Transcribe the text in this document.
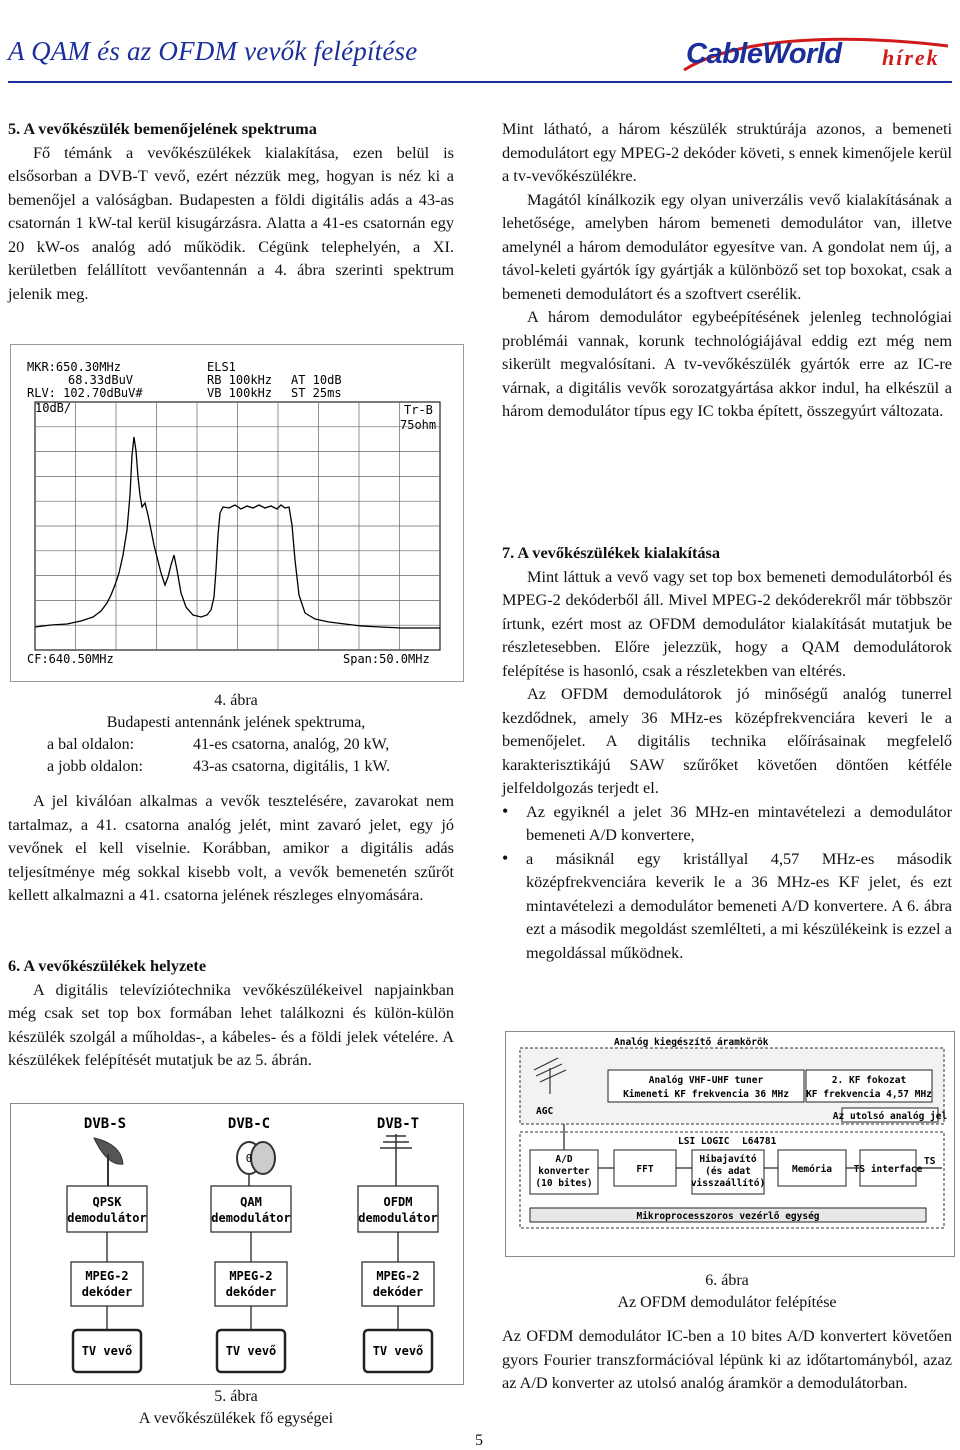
A QAM és az OFDM vevők felépítése	CableWorld hírek

5. A vevőkészülék bemenőjelének spektruma

Fő témánk a vevőkészülékek kialakítása, ezen belül is elsősorban a DVB-T vevő, ezért nézzük meg, hogyan is néz ki a bemenőjel a valóságban. Budapesten a földi digitális adás a 43-as csatornán 1 kW-tal kerül kisugárzásra. Alatta a 41-es csatornán egy 20 kW-os analóg adó működik. Cégünk telephelyén, a XI. kerületben felállított vevőantennán a 4. ábra szerinti spektrum jelenik meg.

MKR:650.30MHz
68.33dBuV
RLV: 102.70dBuV#
ELS1
RB 100kHz AT 10dB
VB 100kHz ST 25ms
10dB/	Tr-B
75ohm
CF:640.50MHz	Span:50.0MHz
4. ábra
Budapesti antennánk jelének spektruma,
a bal oldalon:	41-es csatorna, analóg, 20 kW,
a jobb oldalon:	43-as csatorna, digitális, 1 kW.

A jel kiválóan alkalmas a vevők tesztelésére, zavarokat nem tartalmaz, a 41. csatorna analóg jelét, mint zavaró jelet, egy jó vevőnek el kell viselnie. Korábban, amikor a digitális adás teljesítménye még sokkal kisebb volt, a vevők bemenetén szűrőt kellett alkalmazni a 41. csatorna jelének részleges elnyomására.

6. A vevőkészülékek helyzete

A digitális televíziótechnika vevőkészülékeivel napjainkban még csak set top box formában lehet találkozni és külön-külön készülék szolgál a műholdas-, a kábeles- és a földi jelek vételére. A készülékek felépítését mutatjuk be az 5. ábrán.

DVB-S	DVB-C	DVB-T
0
QPSK
demodulátor
QAM
demodulátor
OFDM
demodulátor
MPEG-2
dekóder
MPEG-2
dekóder
MPEG-2
dekóder
TV vevő	TV vevő	TV vevő
5. ábra
A vevőkészülékek fő egységei

Mint látható, a három készülék struktúrája azonos, a bemeneti demodulátort egy MPEG-2 dekóder követi, s ennek kimenőjele kerül a tv-vevőkészülékre.

Magától kínálkozik egy olyan univerzális vevő kialakításának a lehetősége, amelyben három bemeneti demodulátor van, illetve amelynél a három demodulátor egyesítve van. A gondolat nem új, a távol-keleti gyártók így gyártják a különböző set top boxokat, csak a bemeneti demodulátort és a szoftvert cserélik.

A három demodulátor egybeépítésének jelenleg technológiai problémái vannak, korunk technológiájával eddig ezt még nem sikerült megvalósítani. A tv-vevőkészülék gyártók erre az IC-re várnak, a digitális vevők sorozatgyártása akkor indul, ha elkészül a három demodulátor típus egy IC tokba épített, összegyúrt változata.

7. A vevőkészülékek kialakítása

Mint láttuk a vevő vagy set top box bemeneti demodulátorból és MPEG-2 dekóderből áll. Mivel MPEG-2 dekóderekről már többször írtunk, ezért most az OFDM demodulátor kialakítását mutatjuk be részletesebben. Előre jelezzük, hogy a QAM demodulátorok felépítése is hasonló, csak a részletekben van eltérés.

Az OFDM demodulátorok jó minőségű analóg tunerrel kezdődnek, amely 36 MHz-es középfrekvenciára keveri le a bemenőjelet. A digitális technika előírásainak megfelelő karakterisztikájú SAW szűrőket követően döntően kétféle jelfeldolgozás terjedt el.

• Az egyiknél a jelet 36 MHz-en mintavételezi a demodulátor bemeneti A/D konvertere,
• a másiknál egy kristállyal 4,57 MHz-es második középfrekvenciára keverik le a 36 MHz-es KF jelet, és ezt mintavételezi a demodulátor bemeneti A/D konvertere. A 6. ábra ezt a második megoldást szemlélteti, a mi készülékeink is ezzel a megoldással működnek.
Analóg kiegészítő áramkörök
Analóg VHF-UHF tuner
Kimeneti KF frekvencia 36 MHz
2. KF fokozat
KF frekvencia 4,57 MHz
AGC	Az utolsó analóg jel
LSI LOGIC L64781
A/D
konverter
(10 bites)
FFT
Hibajavító
(és adat
visszaállító)
Memória TS interface
TS
Mikroprocesszoros vezérlő egység
6. ábra
Az OFDM demodulátor felépítése

Az OFDM demodulátor IC-ben a 10 bites A/D konvertert követően gyors Fourier transzformációval lépünk ki az időtartományból, azaz az A/D konverter az utolsó analóg áramkör a demodulátorban.

5
